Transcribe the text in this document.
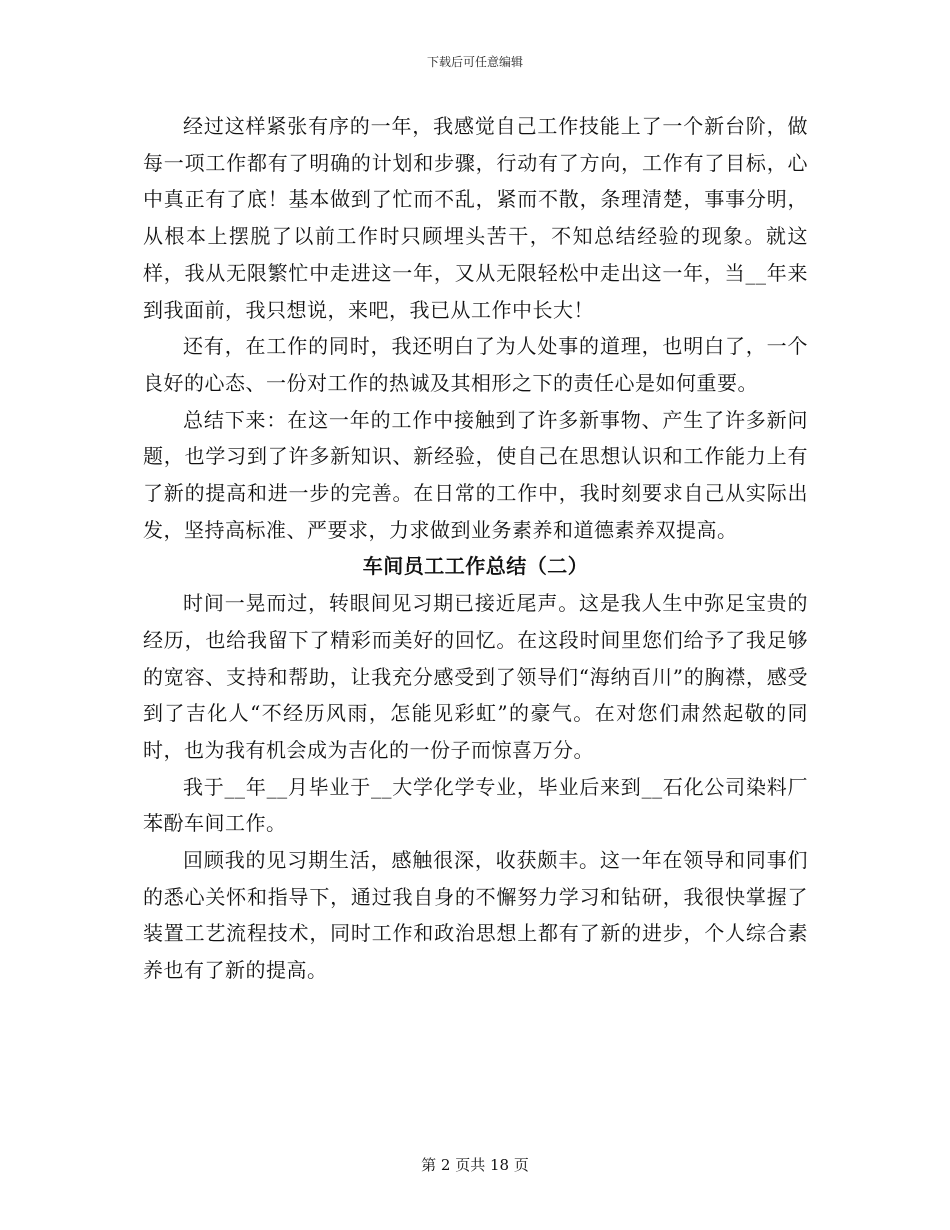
下载后可任意编辑

经过这样紧张有序的一年，我感觉自己工作技能上了一个新台阶，做每一项工作都有了明确的计划和步骤，行动有了方向，工作有了目标，心中真正有了底！基本做到了忙而不乱，紧而不散，条理清楚，事事分明，从根本上摆脱了以前工作时只顾埋头苦干，不知总结经验的现象。就这样，我从无限繁忙中走进这一年，又从无限轻松中走出这一年，当__年来到我面前，我只想说，来吧，我已从工作中长大！

还有，在工作的同时，我还明白了为人处事的道理，也明白了，一个良好的心态、一份对工作的热诚及其相形之下的责任心是如何重要。

总结下来：在这一年的工作中接触到了许多新事物、产生了许多新问题，也学习到了许多新知识、新经验，使自己在思想认识和工作能力上有了新的提高和进一步的完善。在日常的工作中，我时刻要求自己从实际出发，坚持高标准、严要求，力求做到业务素养和道德素养双提高。

车间员工工作总结（二）

时间一晃而过，转眼间见习期已接近尾声。这是我人生中弥足宝贵的经历，也给我留下了精彩而美好的回忆。在这段时间里您们给予了我足够的宽容、支持和帮助，让我充分感受到了领导们“海纳百川”的胸襟，感受到了吉化人“不经历风雨，怎能见彩虹”的豪气。在对您们肃然起敬的同时，也为我有机会成为吉化的一份子而惊喜万分。

我于__年__月毕业于__大学化学专业，毕业后来到__石化公司染料厂苯酚车间工作。

回顾我的见习期生活，感触很深，收获颇丰。这一年在领导和同事们的悉心关怀和指导下，通过我自身的不懈努力学习和钻研，我很快掌握了装置工艺流程技术，同时工作和政治思想上都有了新的进步，个人综合素养也有了新的提高。

第 2 页共 18 页
